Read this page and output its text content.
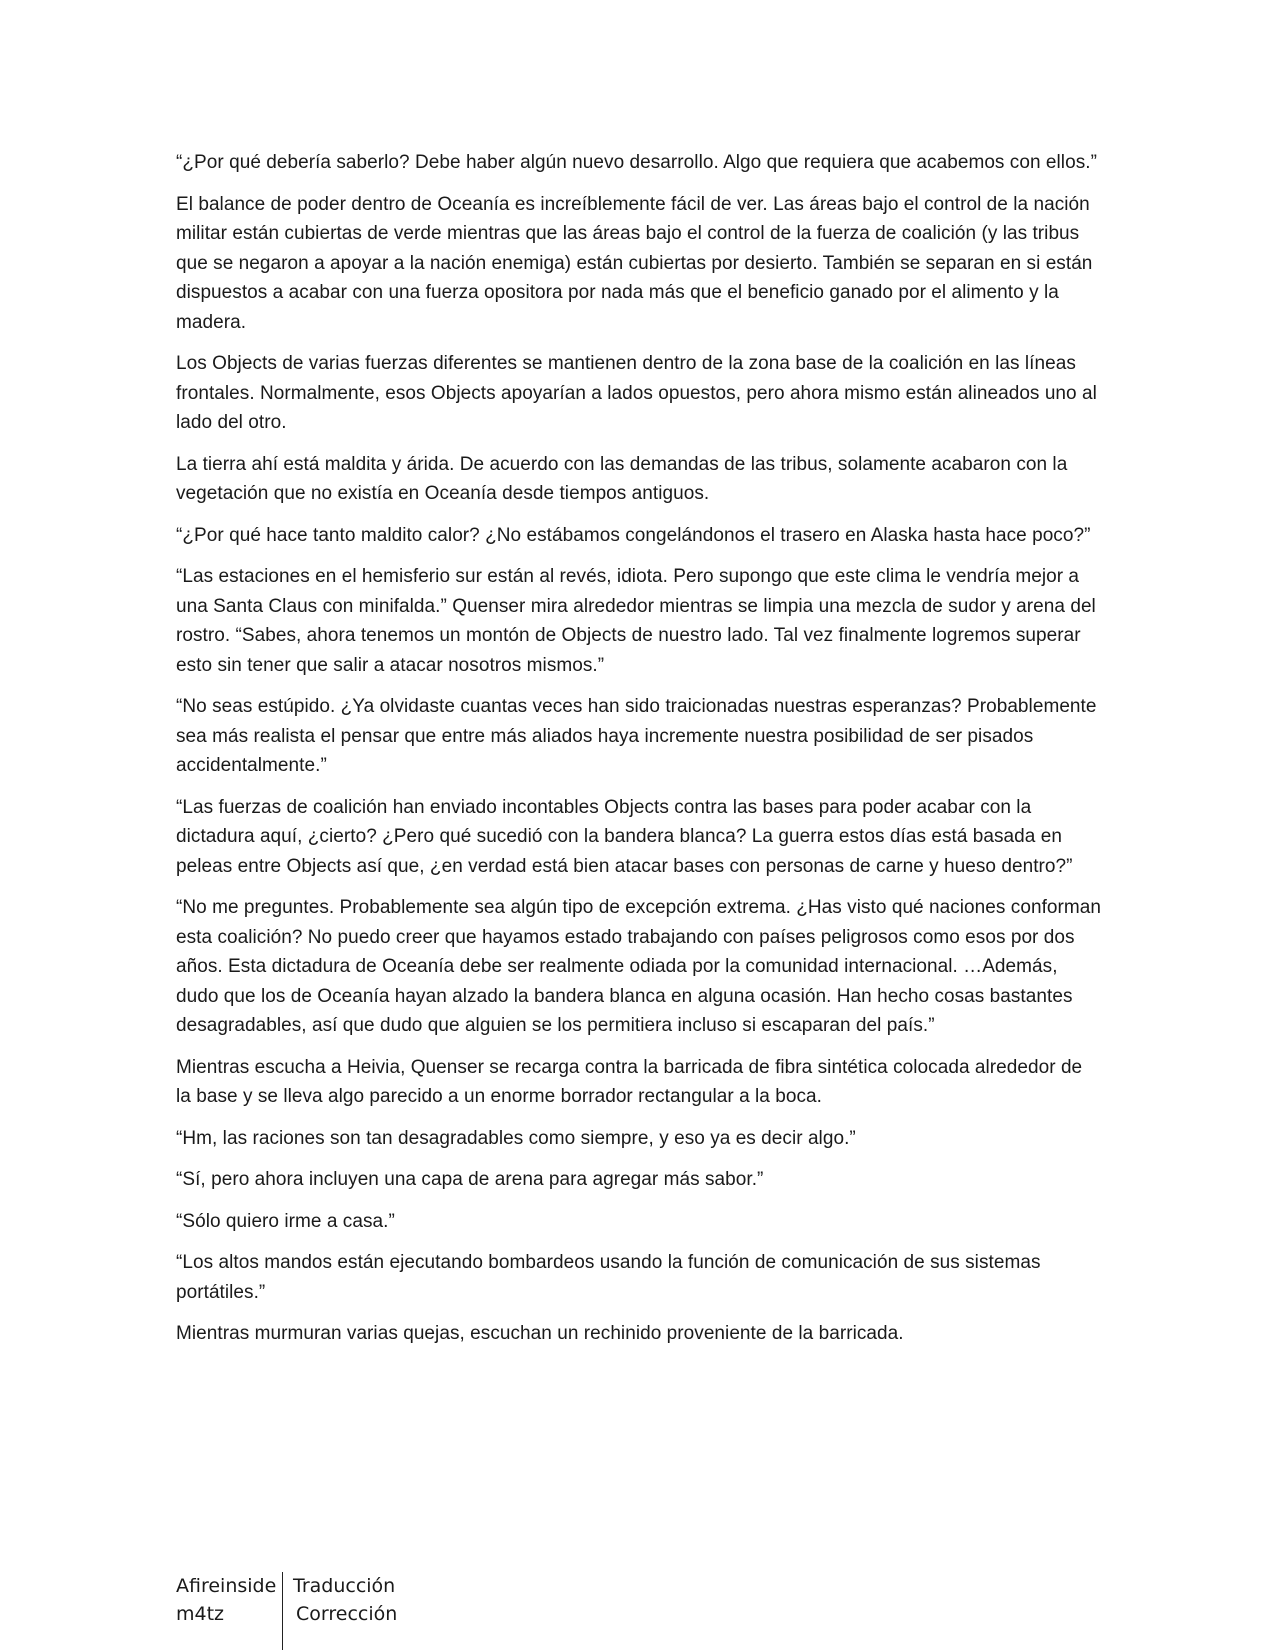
“¿Por qué debería saberlo? Debe haber algún nuevo desarrollo. Algo que requiera que acabemos con ellos.”

El balance de poder dentro de Oceanía es increíblemente fácil de ver. Las áreas bajo el control de la nación militar están cubiertas de verde mientras que las áreas bajo el control de la fuerza de coalición (y las tribus que se negaron a apoyar a la nación enemiga) están cubiertas por desierto. También se separan en si están dispuestos a acabar con una fuerza opositora por nada más que el beneficio ganado por el alimento y la madera.

Los Objects de varias fuerzas diferentes se mantienen dentro de la zona base de la coalición en las líneas frontales. Normalmente, esos Objects apoyarían a lados opuestos, pero ahora mismo están alineados uno al lado del otro.

La tierra ahí está maldita y árida. De acuerdo con las demandas de las tribus, solamente acabaron con la vegetación que no existía en Oceanía desde tiempos antiguos.

“¿Por qué hace tanto maldito calor? ¿No estábamos congelándonos el trasero en Alaska hasta hace poco?”

“Las estaciones en el hemisferio sur están al revés, idiota. Pero supongo que este clima le vendría mejor a una Santa Claus con minifalda.” Quenser mira alrededor mientras se limpia una mezcla de sudor y arena del rostro. “Sabes, ahora tenemos un montón de Objects de nuestro lado. Tal vez finalmente logremos superar esto sin tener que salir a atacar nosotros mismos.”

“No seas estúpido. ¿Ya olvidaste cuantas veces han sido traicionadas nuestras esperanzas? Probablemente sea más realista el pensar que entre más aliados haya incremente nuestra posibilidad de ser pisados accidentalmente.”

“Las fuerzas de coalición han enviado incontables Objects contra las bases para poder acabar con la dictadura aquí, ¿cierto? ¿Pero qué sucedió con la bandera blanca? La guerra estos días está basada en peleas entre Objects así que, ¿en verdad está bien atacar bases con personas de carne y hueso dentro?”

“No me preguntes. Probablemente sea algún tipo de excepción extrema. ¿Has visto qué naciones conforman esta coalición? No puedo creer que hayamos estado trabajando con países peligrosos como esos por dos años. Esta dictadura de Oceanía debe ser realmente odiada por la comunidad internacional. …Además, dudo que los de Oceanía hayan alzado la bandera blanca en alguna ocasión. Han hecho cosas bastantes desagradables, así que dudo que alguien se los permitiera incluso si escaparan del país.”

Mientras escucha a Heivia, Quenser se recarga contra la barricada de fibra sintética colocada alrededor de la base y se lleva algo parecido a un enorme borrador rectangular a la boca.

“Hm, las raciones son tan desagradables como siempre, y eso ya es decir algo.”

“Sí, pero ahora incluyen una capa de arena para agregar más sabor.”

“Sólo quiero irme a casa.”

“Los altos mandos están ejecutando bombardeos usando la función de comunicación de sus sistemas portátiles.”

Mientras murmuran varias quejas, escuchan un rechinido proveniente de la barricada.

Afireinside
m4tz
Traducción
Corrección
